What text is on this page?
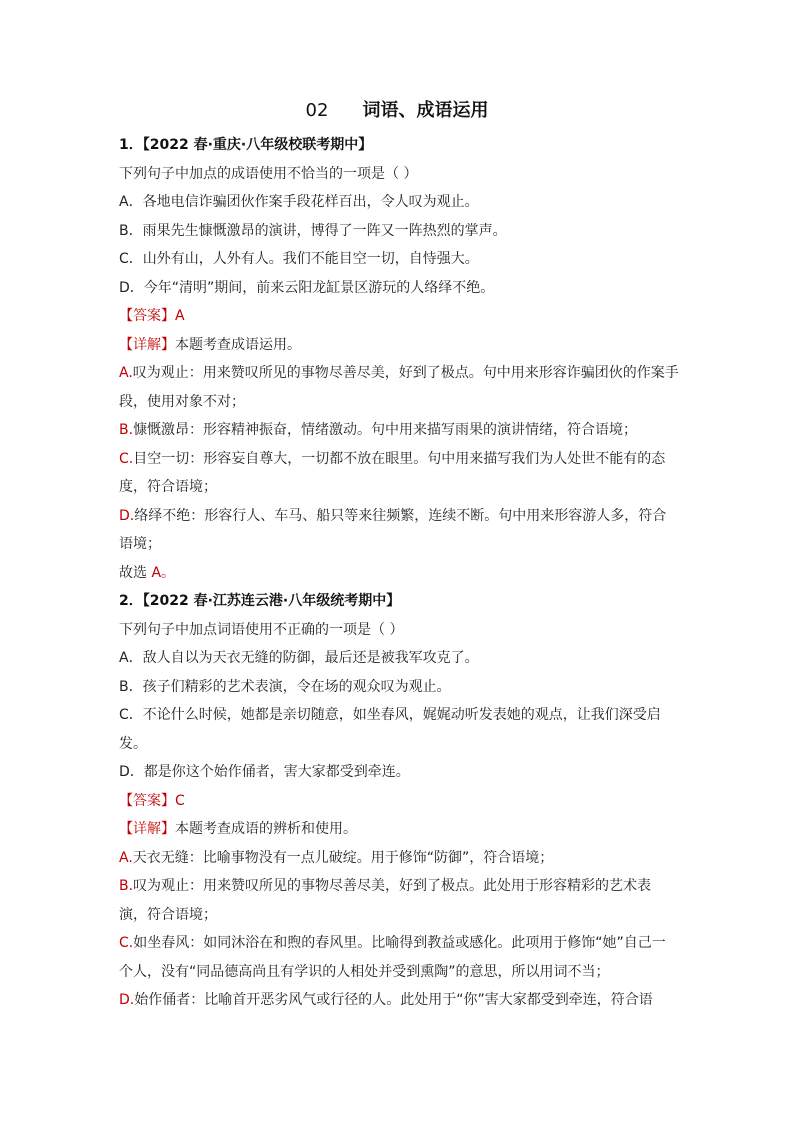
02 词语、成语运用

1．【2022 春·重庆·八年级校联考期中】

下列句子中加点的成语使用不恰当的一项是（ ）

A．各地电信诈骗团伙作案手段花样百出，令人叹为观止。

B．雨果先生慷慨激昂的演讲，博得了一阵又一阵热烈的掌声。

C．山外有山，人外有人。我们不能目空一切，自恃强大。

D．今年“清明”期间，前来云阳龙缸景区游玩的人络绎不绝。

【答案】A

【详解】本题考查成语运用。

A.叹为观止：用来赞叹所见的事物尽善尽美，好到了极点。句中用来形容诈骗团伙的作案手段，使用对象不对；

B.慷慨激昂：形容精神振奋，情绪激动。句中用来描写雨果的演讲情绪，符合语境；

C.目空一切：形容妄自尊大，一切都不放在眼里。句中用来描写我们为人处世不能有的态度，符合语境；

D.络绎不绝：形容行人、车马、船只等来往频繁，连续不断。句中用来形容游人多，符合语境；

故选 A。

2．【2022 春·江苏连云港·八年级统考期中】

下列句子中加点词语使用不正确的一项是（ ）

A．敌人自以为天衣无缝的防御，最后还是被我军攻克了。

B．孩子们精彩的艺术表演，令在场的观众叹为观止。

C．不论什么时候，她都是亲切随意，如坐春风，娓娓动听发表她的观点，让我们深受启发。

D．都是你这个始作俑者，害大家都受到牵连。

【答案】C

【详解】本题考查成语的辨析和使用。

A.天衣无缝：比喻事物没有一点儿破绽。用于修饰“防御”，符合语境；

B.叹为观止：用来赞叹所见的事物尽善尽美，好到了极点。此处用于形容精彩的艺术表演，符合语境；

C.如坐春风：如同沐浴在和煦的春风里。比喻得到教益或感化。此项用于修饰“她”自己一个人，没有“同品德高尚且有学识的人相处并受到熏陶”的意思，所以用词不当；

D.始作俑者：比喻首开恶劣风气或行径的人。此处用于“你”害大家都受到牵连，符合语
